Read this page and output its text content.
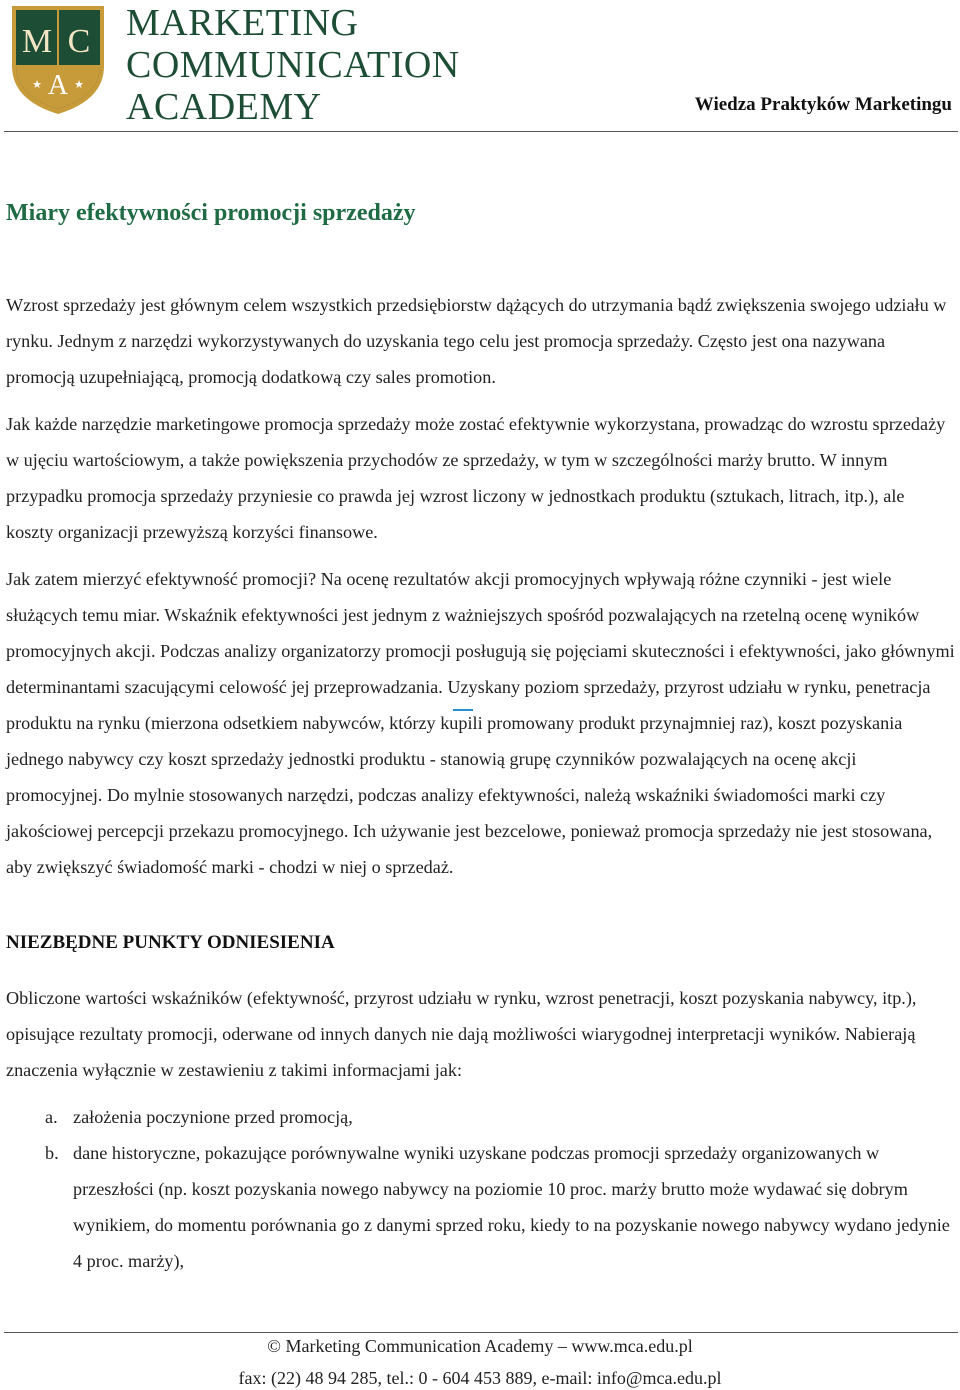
M C
A
★	★
MARKETING
COMMUNICATION
ACADEMY	Wiedza Praktyków Marketingu
Miary efektywności promocji sprzedaży
Wzrost sprzedaży jest głównym celem wszystkich przedsiębiorstw dążących do utrzymania bądź zwiększenia swojego udziału w rynku. Jednym z narzędzi wykorzystywanych do uzyskania tego celu jest promocja sprzedaży. Często jest ona nazywana promocją uzupełniającą, promocją dodatkową czy sales promotion.
Jak każde narzędzie marketingowe promocja sprzedaży może zostać efektywnie wykorzystana, prowadząc do wzrostu sprzedaży w ujęciu wartościowym, a także powiększenia przychodów ze sprzedaży, w tym w szczególności marży brutto. W innym przypadku promocja sprzedaży przyniesie co prawda jej wzrost liczony w jednostkach produktu (sztukach, litrach, itp.), ale koszty organizacji przewyższą korzyści finansowe.
Jak zatem mierzyć efektywność promocji? Na ocenę rezultatów akcji promocyjnych wpływają różne czynniki - jest wiele służących temu miar. Wskaźnik efektywności jest jednym z ważniejszych spośród pozwalających na rzetelną ocenę wyników promocyjnych akcji. Podczas analizy organizatorzy promocji posługują się pojęciami skuteczności i efektywności, jako głównymi determinantami szacującymi celowość jej przeprowadzania. Uzyskany poziom sprzedaży, przyrost udziału w rynku, penetracja produktu na rynku (mierzona odsetkiem nabywców, którzy kupili promowany produkt przynajmniej raz), koszt pozyskania jednego nabywcy czy koszt sprzedaży jednostki produktu - stanowią grupę czynników pozwalających na ocenę akcji promocyjnej. Do mylnie stosowanych narzędzi, podczas analizy efektywności, należą wskaźniki świadomości marki czy jakościowej percepcji przekazu promocyjnego. Ich używanie jest bezcelowe, ponieważ promocja sprzedaży nie jest stosowana, aby zwiększyć świadomość marki - chodzi w niej o sprzedaż.
NIEZBĘDNE PUNKTY ODNIESIENIA
Obliczone wartości wskaźników (efektywność, przyrost udziału w rynku, wzrost penetracji, koszt pozyskania nabywcy, itp.), opisujące rezultaty promocji, oderwane od innych danych nie dają możliwości wiarygodnej interpretacji wyników. Nabierają znaczenia wyłącznie w zestawieniu z takimi informacjami jak:
a. założenia poczynione przed promocją,
b. dane historyczne, pokazujące porównywalne wyniki uzyskane podczas promocji sprzedaży organizowanych w przeszłości (np. koszt pozyskania nowego nabywcy na poziomie 10 proc. marży brutto może wydawać się dobrym wynikiem, do momentu porównania go z danymi sprzed roku, kiedy to na pozyskanie nowego nabywcy wydano jedynie 4 proc. marży),
© Marketing Communication Academy – www.mca.edu.pl
fax: (22) 48 94 285, tel.: 0 - 604 453 889, e-mail: info@mca.edu.pl
